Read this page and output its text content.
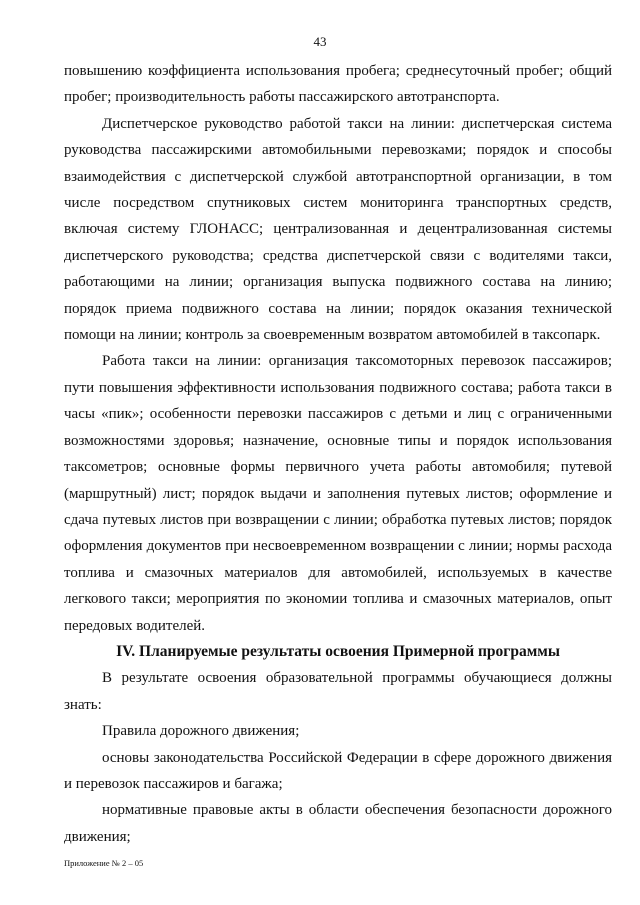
43

повышению коэффициента использования пробега; среднесуточный пробег; общий пробег; производительность работы пассажирского автотранспорта.

Диспетчерское руководство работой такси на линии: диспетчерская система руководства пассажирскими автомобильными перевозками; порядок и способы взаимодействия с диспетчерской службой автотранспортной организации, в том числе посредством спутниковых систем мониторинга транспортных средств, включая систему ГЛОНАСС; централизованная и децентрализованная системы диспетчерского руководства; средства диспетчерской связи с водителями такси, работающими на линии; организация выпуска подвижного состава на линию; порядок приема подвижного состава на линии; порядок оказания технической помощи на линии; контроль за своевременным возвратом автомобилей в таксопарк.

Работа такси на линии: организация таксомоторных перевозок пассажиров; пути повышения эффективности использования подвижного состава; работа такси в часы «пик»; особенности перевозки пассажиров с детьми и лиц с ограниченными возможностями здоровья; назначение, основные типы и порядок использования таксометров; основные формы первичного учета работы автомобиля; путевой (маршрутный) лист; порядок выдачи и заполнения путевых листов; оформление и сдача путевых листов при возвращении с линии; обработка путевых листов; порядок оформления документов при несвоевременном возвращении с линии; нормы расхода топлива и смазочных материалов для автомобилей, используемых в качестве легкового такси; мероприятия по экономии топлива и смазочных материалов, опыт передовых водителей.

IV. Планируемые результаты освоения Примерной программы

В результате освоения образовательной программы обучающиеся должны знать:

Правила дорожного движения;

основы законодательства Российской Федерации в сфере дорожного движения и перевозок пассажиров и багажа;

нормативные правовые акты в области обеспечения безопасности дорожного движения;

Приложение № 2 – 05
